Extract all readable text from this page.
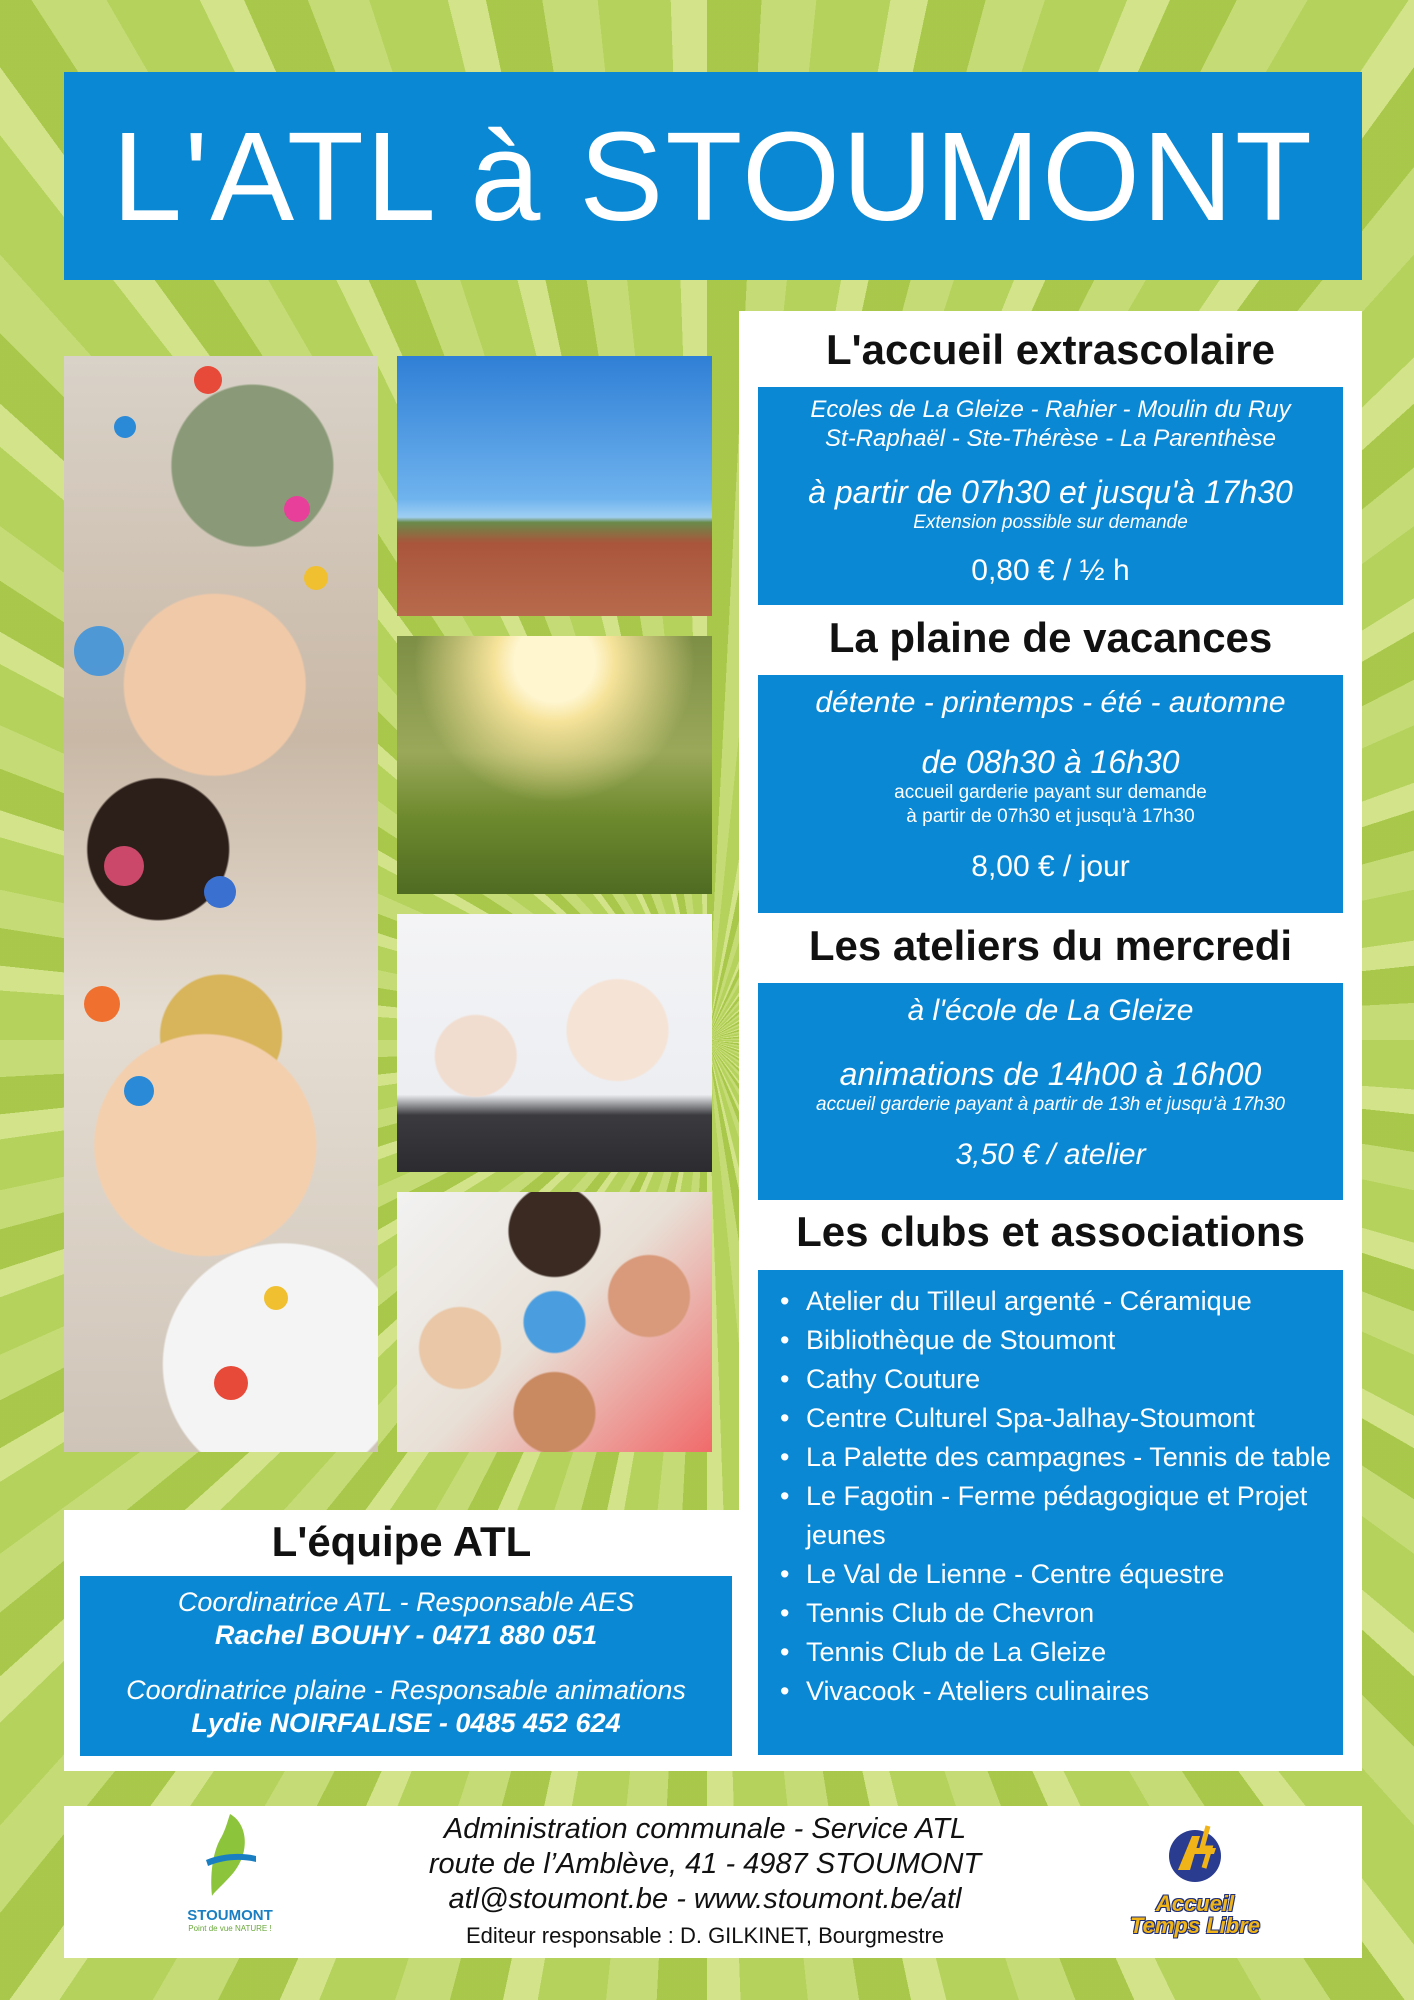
L'ATL à STOUMONT
L'accueil extrascolaire
Ecoles de La Gleize - Rahier - Moulin du Ruy
St-Raphaël - Ste-Thérèse - La Parenthèse
à partir de 07h30 et jusqu'à 17h30
Extension possible sur demande
0,80 € / ½ h
La plaine de vacances
détente - printemps - été - automne
de 08h30 à 16h30
accueil garderie payant sur demande
à partir de 07h30 et jusqu’à 17h30
8,00 € / jour
Les ateliers du mercredi
à l'école de La Gleize
animations de 14h00 à 16h00
accueil garderie payant à partir de 13h et jusqu’à 17h30
3,50 € / atelier
Les clubs et associations
• Atelier du Tilleul argenté - Céramique
• Bibliothèque de Stoumont
• Cathy Couture
• Centre Culturel Spa-Jalhay-Stoumont
• La Palette des campagnes - Tennis de table
• Le Fagotin - Ferme pédagogique et Projet jeunes
• Le Val de Lienne - Centre équestre
• Tennis Club de Chevron
• Tennis Club de La Gleize
• Vivacook - Ateliers culinaires
L'équipe ATL
Coordinatrice ATL - Responsable AES
Rachel BOUHY - 0471 880 051
Coordinatrice plaine - Responsable animations
Lydie NOIRFALISE - 0485 452 624
STOUMONT
Point de vue NATURE !
Administration communale - Service ATL
route de l’Amblève, 41 - 4987 STOUMONT
atl@stoumont.be - www.stoumont.be/atl
Editeur responsable : D. GILKINET, Bourgmestre
Accueil
Temps Libre
